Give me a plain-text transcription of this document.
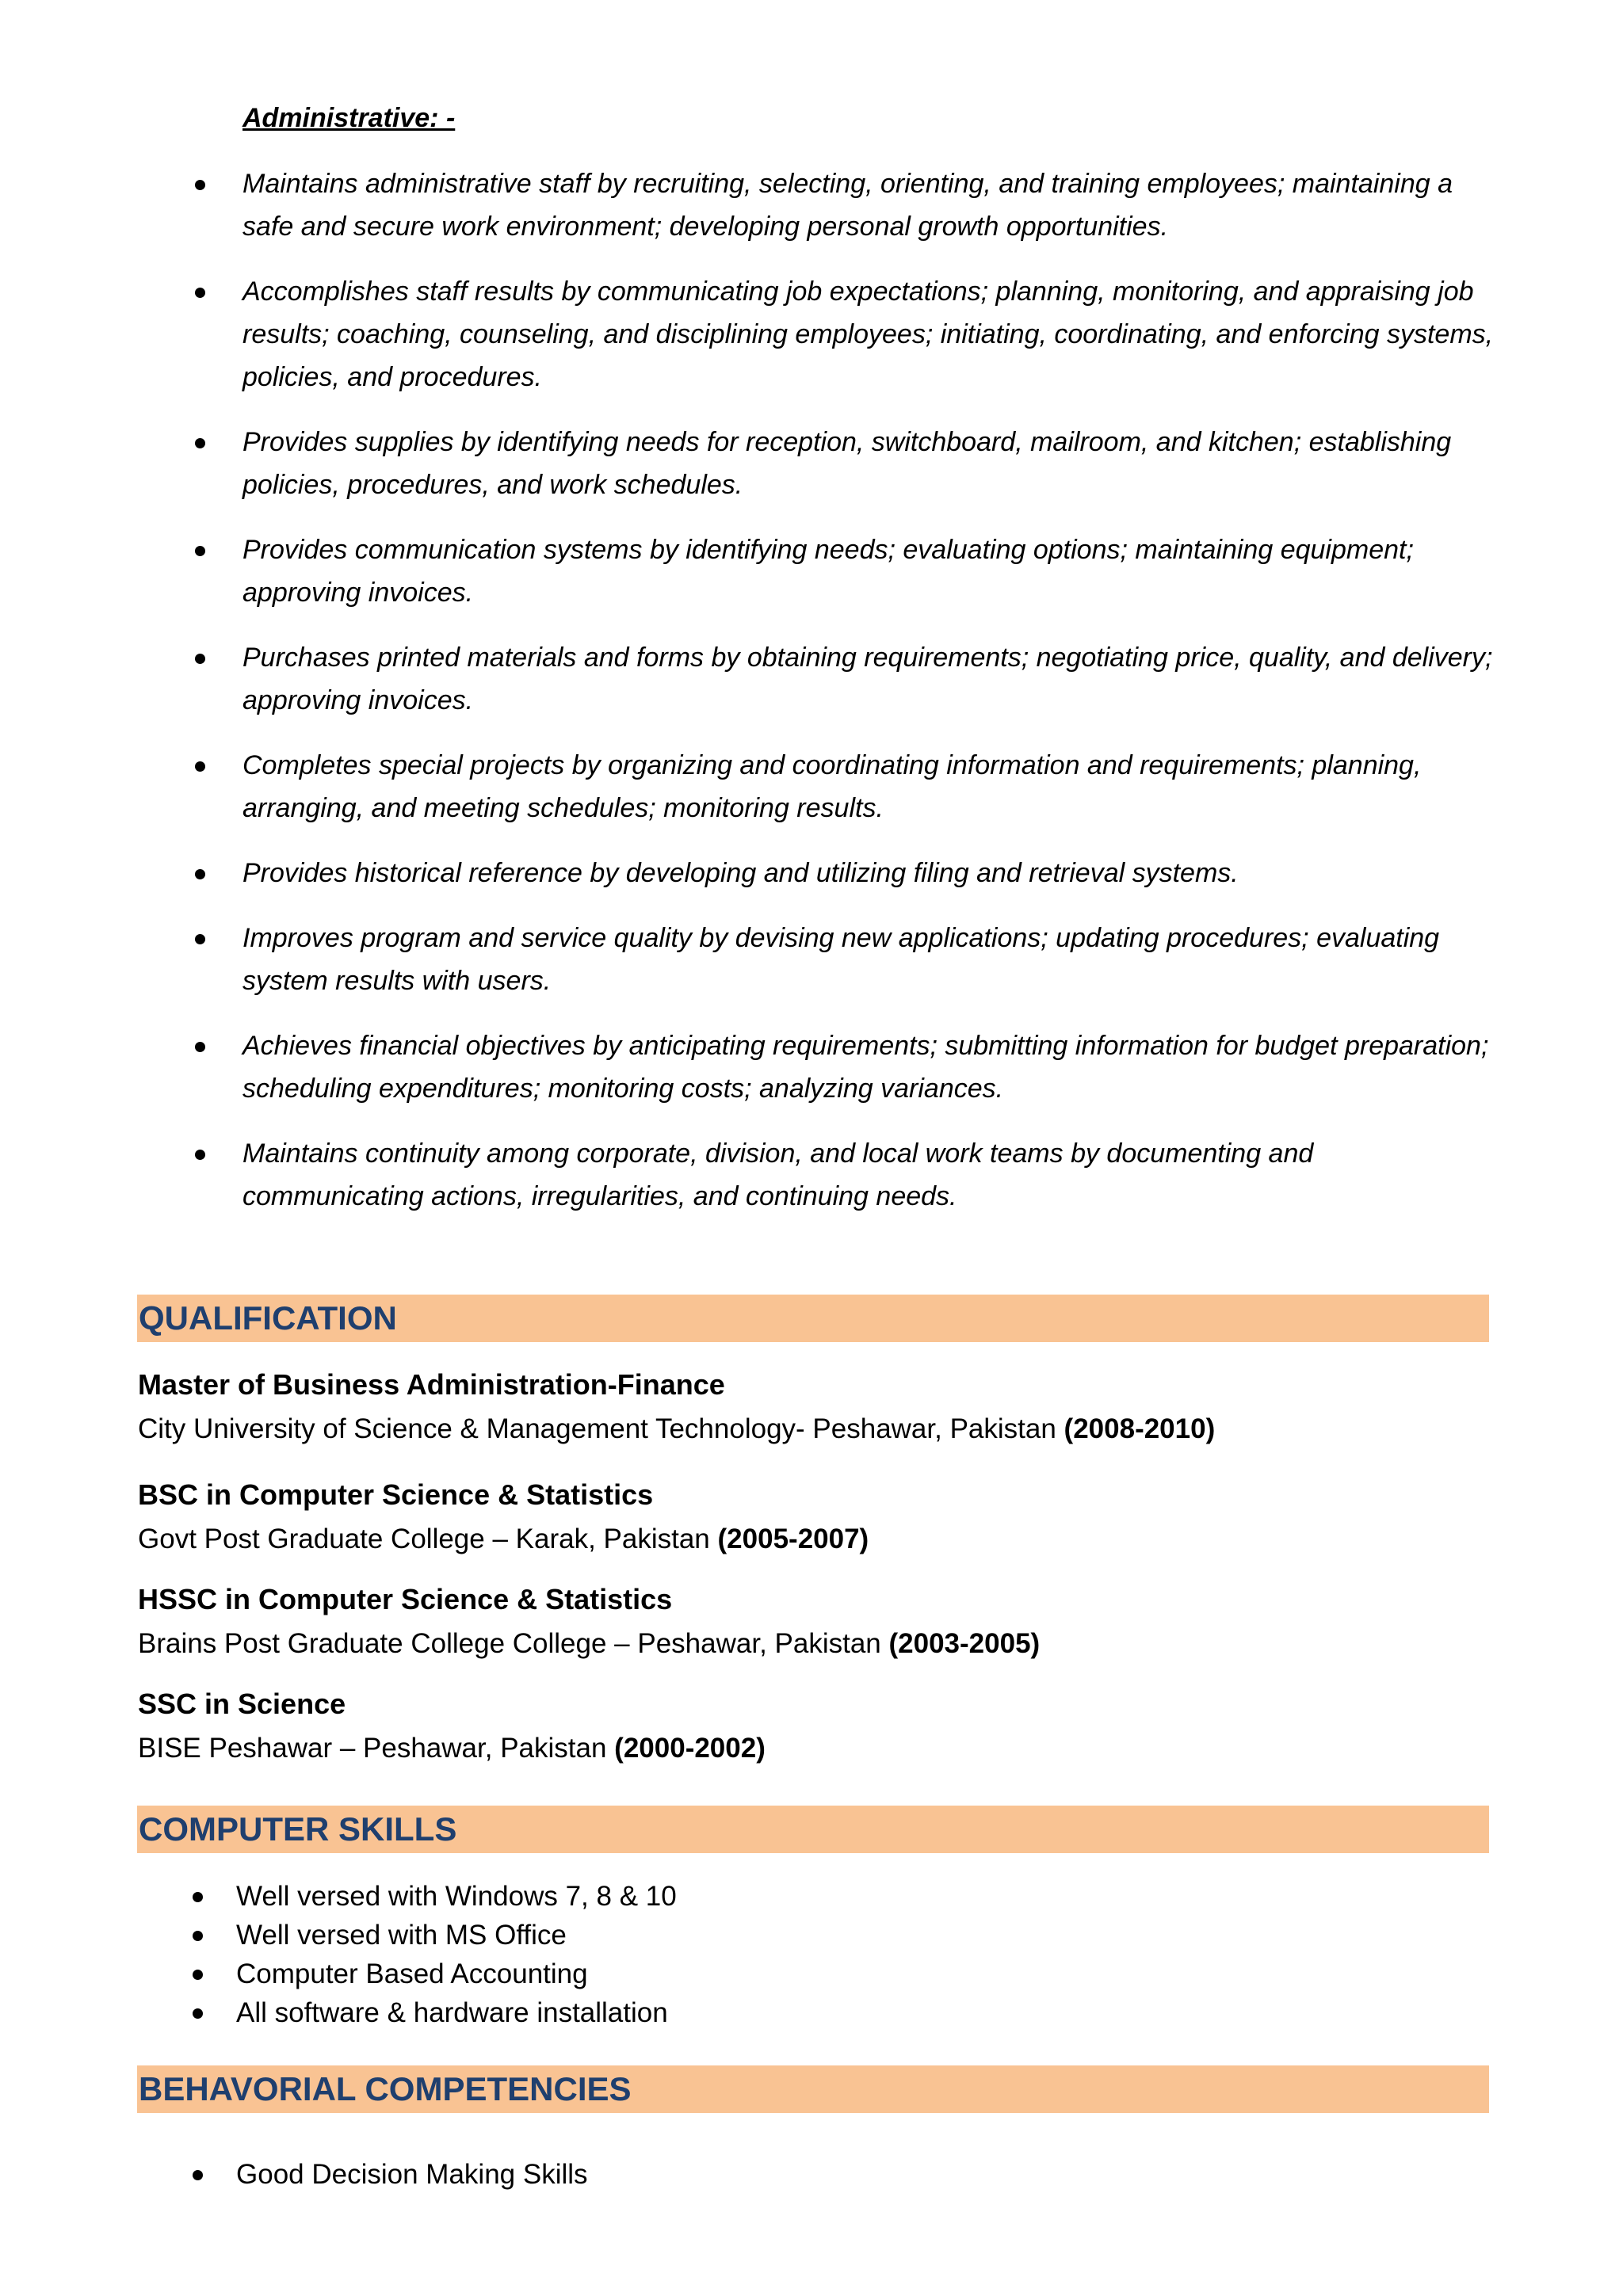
Administrative: -
Maintains administrative staff by recruiting, selecting, orienting, and training employees; maintaining a safe and secure work environment; developing personal growth opportunities.
Accomplishes staff results by communicating job expectations; planning, monitoring, and appraising job results; coaching, counseling, and disciplining employees; initiating, coordinating, and enforcing systems, policies, and procedures.
Provides supplies by identifying needs for reception, switchboard, mailroom, and kitchen; establishing policies, procedures, and work schedules.
Provides communication systems by identifying needs; evaluating options; maintaining equipment; approving invoices.
Purchases printed materials and forms by obtaining requirements; negotiating price, quality, and delivery; approving invoices.
Completes special projects by organizing and coordinating information and requirements; planning, arranging, and meeting schedules; monitoring results.
Provides historical reference by developing and utilizing filing and retrieval systems.
Improves program and service quality by devising new applications; updating procedures; evaluating system results with users.
Achieves financial objectives by anticipating requirements; submitting information for budget preparation; scheduling expenditures; monitoring costs; analyzing variances.
Maintains continuity among corporate, division, and local work teams by documenting and communicating actions, irregularities, and continuing needs.
QUALIFICATION
Master of Business Administration-Finance
City University of Science & Management Technology- Peshawar, Pakistan (2008-2010)
BSC in Computer Science & Statistics
Govt Post Graduate College – Karak, Pakistan (2005-2007)
HSSC in Computer Science & Statistics
Brains Post Graduate College College – Peshawar, Pakistan (2003-2005)
SSC in Science
BISE Peshawar – Peshawar, Pakistan (2000-2002)
COMPUTER SKILLS
Well versed with Windows 7, 8 & 10
Well versed with MS Office
Computer Based Accounting
All software & hardware installation
BEHAVORIAL COMPETENCIES
Good Decision Making Skills
